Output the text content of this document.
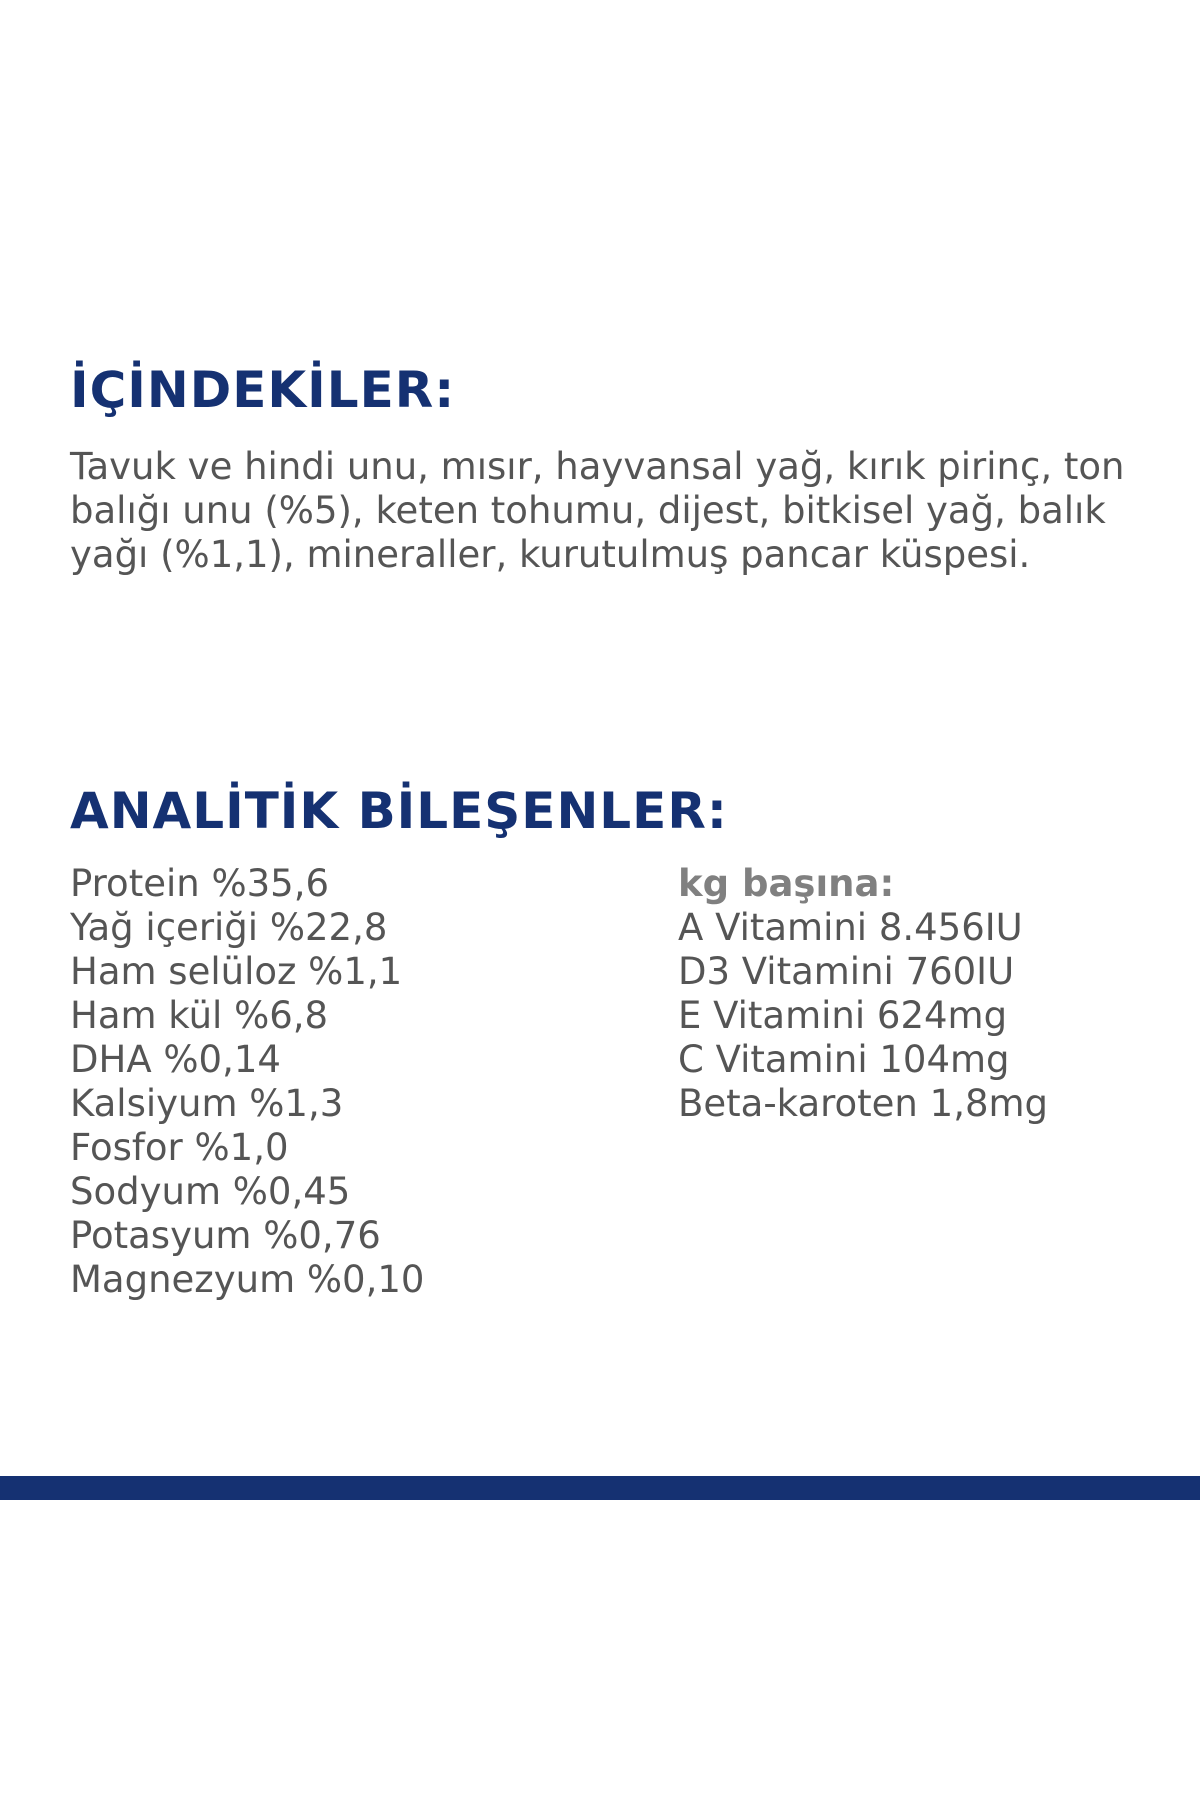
İÇİNDEKİLER:

Tavuk ve hindi unu, mısır, hayvansal yağ, kırık pirinç, ton balığı unu (%5), keten tohumu, dijest, bitkisel yağ, balık yağı (%1,1), mineraller, kurutulmuş pancar küspesi.

ANALİTİK BİLEŞENLER:
Protein %35,6
Yağ içeriği %22,8
Ham selüloz %1,1
Ham kül %6,8
DHA %0,14
Kalsiyum %1,3
Fosfor %1,0
Sodyum %0,45
Potasyum %0,76
Magnezyum %0,10
kg başına:
A Vitamini 8.456IU
D3 Vitamini 760IU
E Vitamini 624mg
C Vitamini 104mg
Beta-karoten 1,8mg
